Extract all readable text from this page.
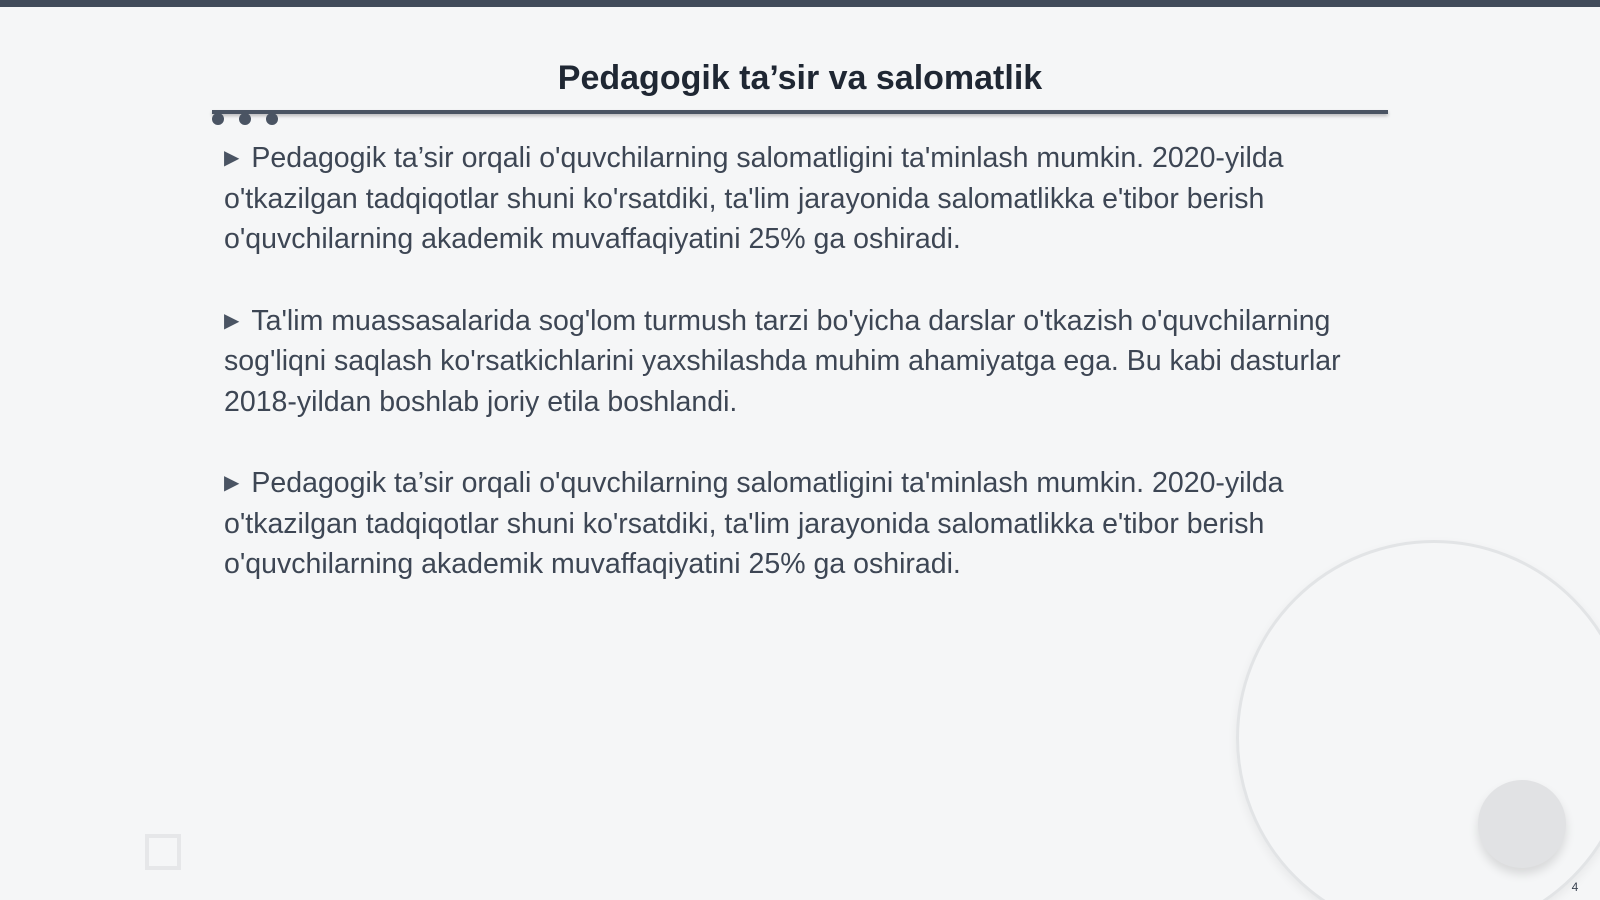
Pedagogik ta’sir va salomatlik
▶ Pedagogik ta’sir orqali o'quvchilarning salomatligini ta'minlash mumkin. 2020-yilda o'tkazilgan tadqiqotlar shuni ko'rsatdiki, ta'lim jarayonida salomatlikka e'tibor berish o'quvchilarning akademik muvaffaqiyatini 25% ga oshiradi.
▶ Ta'lim muassasalarida sog'lom turmush tarzi bo'yicha darslar o'tkazish o'quvchilarning sog'liqni saqlash ko'rsatkichlarini yaxshilashda muhim ahamiyatga ega. Bu kabi dasturlar 2018-yildan boshlab joriy etila boshlandi.
▶ Pedagogik ta’sir orqali o'quvchilarning salomatligini ta'minlash mumkin. 2020-yilda o'tkazilgan tadqiqotlar shuni ko'rsatdiki, ta'lim jarayonida salomatlikka e'tibor berish o'quvchilarning akademik muvaffaqiyatini 25% ga oshiradi.
4
